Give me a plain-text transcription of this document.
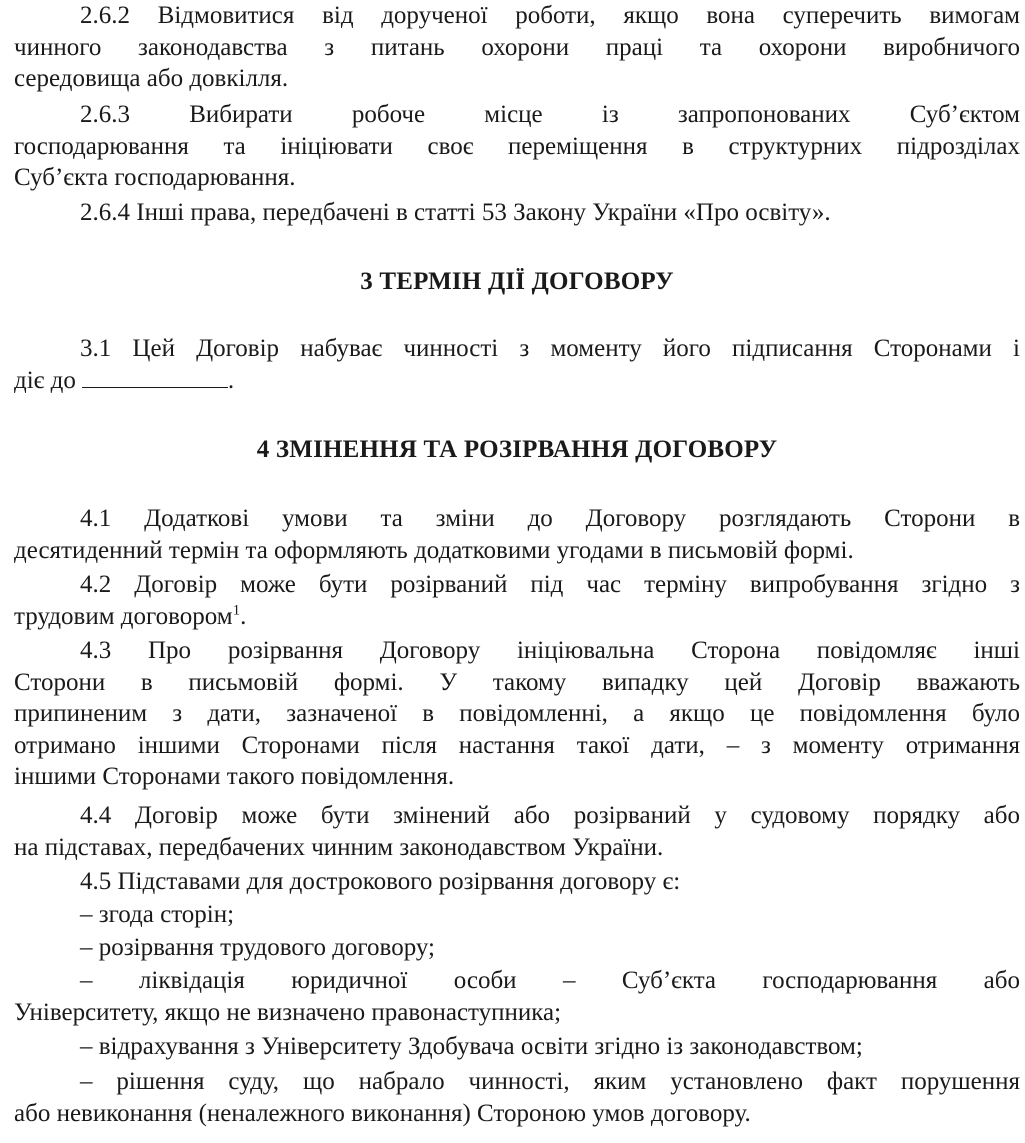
2.6.2 Відмовитися від дорученої роботи, якщо вона суперечить вимогам
чинного законодавства з питань охорони праці та охорони виробничого
середовища або довкілля.
2.6.3 Вибирати робоче місце із запропонованих Суб’єктом
господарювання та ініціювати своє переміщення в структурних підрозділах
Суб’єкта господарювання.
2.6.4 Інші права, передбачені в статті 53 Закону України «Про освіту».
3 ТЕРМІН ДІЇ ДОГОВОРУ
3.1 Цей Договір набуває чинності з моменту його підписання Сторонами і
діє до	.
4 ЗМІНЕННЯ ТА РОЗІРВАННЯ ДОГОВОРУ
4.1 Додаткові умови та зміни до Договору розглядають Сторони в
десятиденний термін та оформляють додатковими угодами в письмовій формі.
4.2 Договір може бути розірваний під час терміну випробування згідно з
трудовим договором$^1$.
4.3 Про розірвання Договору ініціювальна Сторона повідомляє інші
Сторони в письмовій формі. У такому випадку цей Договір вважають
припиненим з дати, зазначеної в повідомленні, а якщо це повідомлення було
отримано іншими Сторонами після настання такої дати, – з моменту отримання
іншими Сторонами такого повідомлення.
4.4 Договір може бути змінений або розірваний у судовому порядку або
на підставах, передбачених чинним законодавством України.
4.5 Підставами для дострокового розірвання договору є:
– згода сторін;
– розірвання трудового договору;
– ліквідація юридичної особи – Суб’єкта господарювання або
Університету, якщо не визначено правонаступника;
– відрахування з Університету Здобувача освіти згідно із законодавством;
– рішення суду, що набрало чинності, яким установлено факт порушення
або невиконання (неналежного виконання) Стороною умов договору.
